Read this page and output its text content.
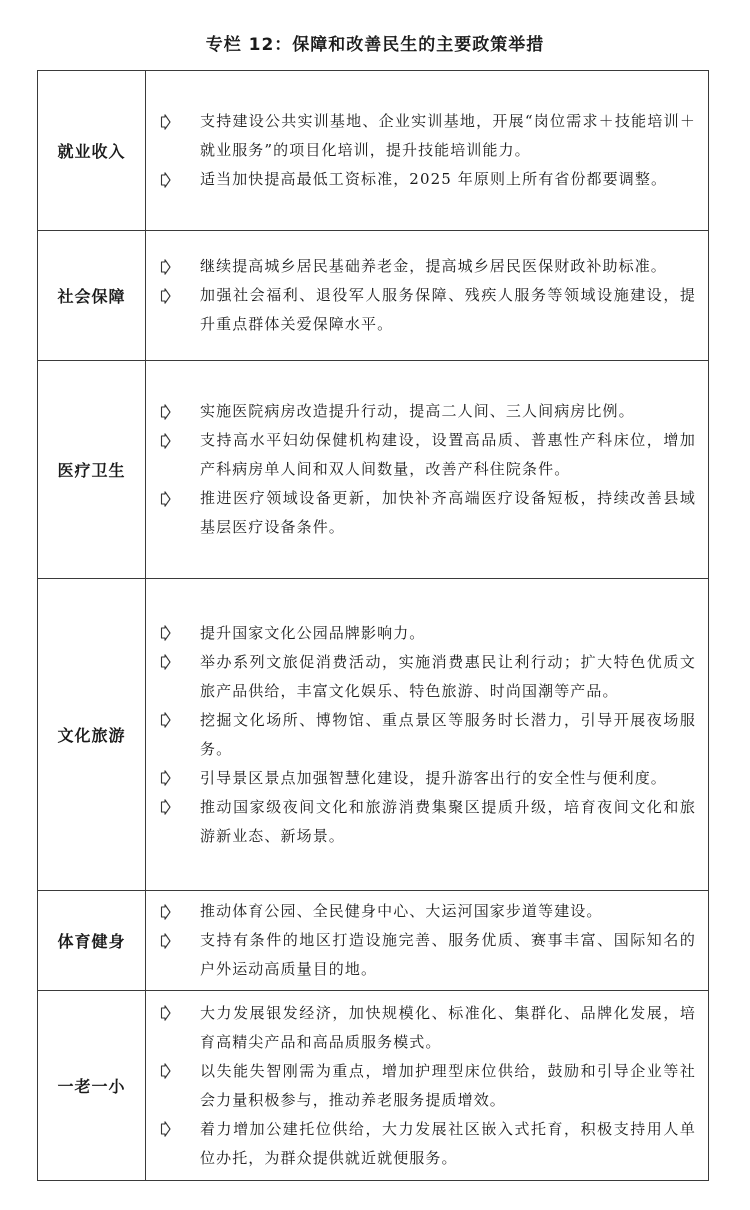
专栏 12：保障和改善民生的主要政策举措
就业收入	支持建设公共实训基地、企业实训基地，开展“岗位需求＋技能培训＋就业服务”的项目化培训，提升技能培训能力。
适当加快提高最低工资标准，2025 年原则上所有省份都要调整。

社会保障	继续提高城乡居民基础养老金，提高城乡居民医保财政补助标准。
加强社会福利、退役军人服务保障、残疾人服务等领域设施建设，提升重点群体关爱保障水平。

医疗卫生	实施医院病房改造提升行动，提高二人间、三人间病房比例。
支持高水平妇幼保健机构建设，设置高品质、普惠性产科床位，增加产科病房单人间和双人间数量，改善产科住院条件。
推进医疗领域设备更新，加快补齐高端医疗设备短板，持续改善县域基层医疗设备条件。

文化旅游	提升国家文化公园品牌影响力。
举办系列文旅促消费活动，实施消费惠民让利行动；扩大特色优质文旅产品供给，丰富文化娱乐、特色旅游、时尚国潮等产品。
挖掘文化场所、博物馆、重点景区等服务时长潜力，引导开展夜场服务。
引导景区景点加强智慧化建设，提升游客出行的安全性与便利度。
推动国家级夜间文化和旅游消费集聚区提质升级，培育夜间文化和旅游新业态、新场景。

体育健身	推动体育公园、全民健身中心、大运河国家步道等建设。
支持有条件的地区打造设施完善、服务优质、赛事丰富、国际知名的户外运动高质量目的地。

一老一小	大力发展银发经济，加快规模化、标准化、集群化、品牌化发展，培育高精尖产品和高品质服务模式。
以失能失智刚需为重点，增加护理型床位供给，鼓励和引导企业等社会力量积极参与，推动养老服务提质增效。
着力增加公建托位供给，大力发展社区嵌入式托育，积极支持用人单位办托，为群众提供就近就便服务。
